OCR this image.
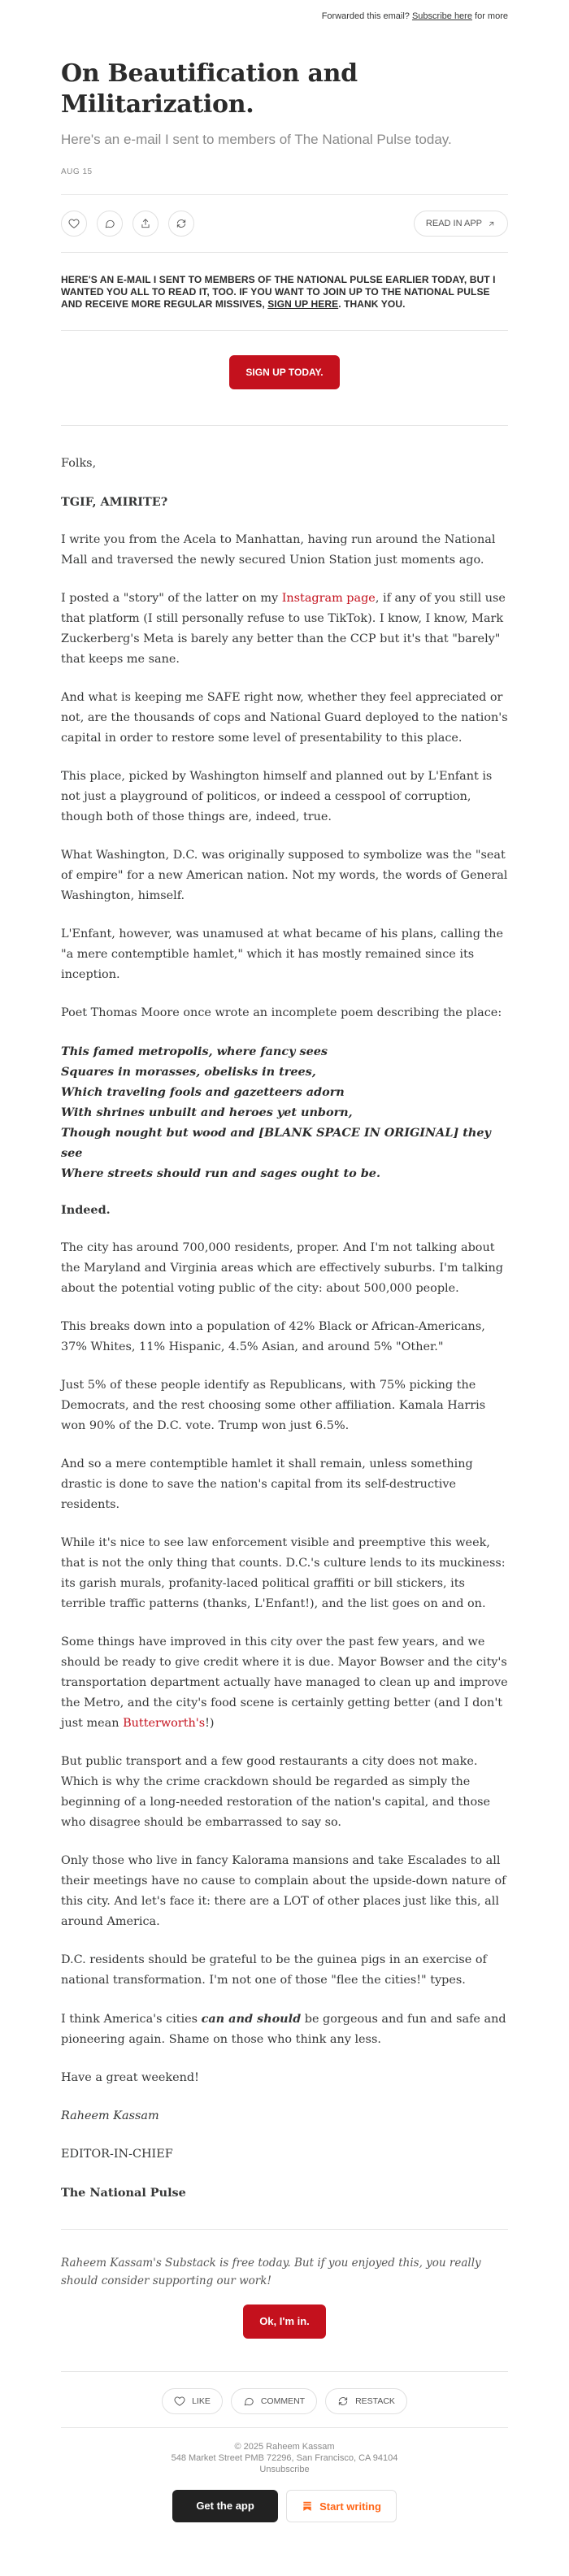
Forwarded this email? Subscribe here for more
On Beautification and Militarization.
Here's an e-mail I sent to members of The National Pulse today.
AUG 15
READ IN APP
HERE'S AN E-MAIL I SENT TO MEMBERS OF THE NATIONAL PULSE EARLIER TODAY, BUT I WANTED YOU ALL TO READ IT, TOO. IF YOU WANT TO JOIN UP TO THE NATIONAL PULSE AND RECEIVE MORE REGULAR MISSIVES, SIGN UP HERE. THANK YOU.
SIGN UP TODAY.

Folks,

TGIF, AMIRITE?

I write you from the Acela to Manhattan, having run around the National Mall and traversed the newly secured Union Station just moments ago.

I posted a "story" of the latter on my Instagram page, if any of you still use that platform (I still personally refuse to use TikTok). I know, I know, Mark Zuckerberg's Meta is barely any better than the CCP but it's that "barely" that keeps me sane.

And what is keeping me SAFE right now, whether they feel appreciated or not, are the thousands of cops and National Guard deployed to the nation's capital in order to restore some level of presentability to this place.

This place, picked by Washington himself and planned out by L'Enfant is not just a playground of politicos, or indeed a cesspool of corruption, though both of those things are, indeed, true.

What Washington, D.C. was originally supposed to symbolize was the "seat of empire" for a new American nation. Not my words, the words of General Washington, himself.

L'Enfant, however, was unamused at what became of his plans, calling the "a mere contemptible hamlet," which it has mostly remained since its inception.

Poet Thomas Moore once wrote an incomplete poem describing the place:

This famed metropolis, where fancy sees
Squares in morasses, obelisks in trees,
Which traveling fools and gazetteers adorn
With shrines unbuilt and heroes yet unborn,
Though nought but wood and [BLANK SPACE IN ORIGINAL] they see
Where streets should run and sages ought to be.

Indeed.

The city has around 700,000 residents, proper. And I'm not talking about the Maryland and Virginia areas which are effectively suburbs. I'm talking about the potential voting public of the city: about 500,000 people.

This breaks down into a population of 42% Black or African-Americans, 37% Whites, 11% Hispanic, 4.5% Asian, and around 5% "Other."

Just 5% of these people identify as Republicans, with 75% picking the Democrats, and the rest choosing some other affiliation. Kamala Harris won 90% of the D.C. vote. Trump won just 6.5%.

And so a mere contemptible hamlet it shall remain, unless something drastic is done to save the nation's capital from its self-destructive residents.

While it's nice to see law enforcement visible and preemptive this week, that is not the only thing that counts. D.C.'s culture lends to its muckiness: its garish murals, profanity-laced political graffiti or bill stickers, its terrible traffic patterns (thanks, L'Enfant!), and the list goes on and on.

Some things have improved in this city over the past few years, and we should be ready to give credit where it is due. Mayor Bowser and the city's transportation department actually have managed to clean up and improve the Metro, and the city's food scene is certainly getting better (and I don't just mean Butterworth's!)

But public transport and a few good restaurants a city does not make. Which is why the crime crackdown should be regarded as simply the beginning of a long-needed restoration of the nation's capital, and those who disagree should be embarrassed to say so.

Only those who live in fancy Kalorama mansions and take Escalades to all their meetings have no cause to complain about the upside-down nature of this city. And let's face it: there are a LOT of other places just like this, all around America.

D.C. residents should be grateful to be the guinea pigs in an exercise of national transformation. I'm not one of those "flee the cities!" types.

I think America's cities can and should be gorgeous and fun and safe and pioneering again. Shame on those who think any less.

Have a great weekend!

Raheem Kassam

EDITOR-IN-CHIEF

The National Pulse

Raheem Kassam's Substack is free today. But if you enjoyed this, you really should consider supporting our work!
Ok, I'm in.
LIKE	COMMENT	RESTACK
© 2025 Raheem Kassam
548 Market Street PMB 72296, San Francisco, CA 94104
Unsubscribe
Get the app	Start writing
